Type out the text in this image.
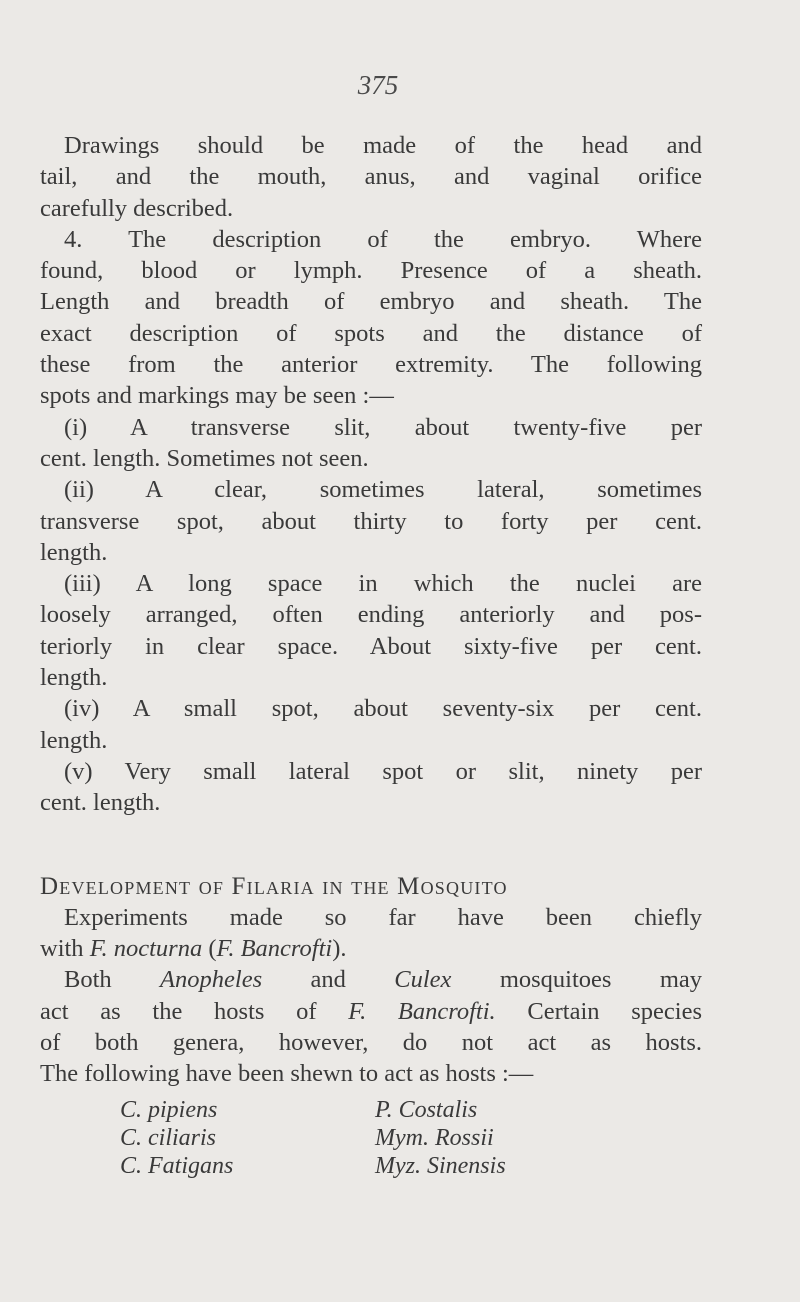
375
Drawings should be made of the head and
tail, and the mouth, anus, and vaginal orifice
carefully described.
4. The description of the embryo. Where
found, blood or lymph. Presence of a sheath.
Length and breadth of embryo and sheath. The
exact description of spots and the distance of
these from the anterior extremity. The following
spots and markings may be seen :—
(i) A transverse slit, about twenty-five per
cent. length. Sometimes not seen.
(ii) A clear, sometimes lateral, sometimes
transverse spot, about thirty to forty per cent.
length.
(iii) A long space in which the nuclei are
loosely arranged, often ending anteriorly and pos-
teriorly in clear space. About sixty-five per cent.
length.
(iv) A small spot, about seventy-six per cent.
length.
(v) Very small lateral spot or slit, ninety per
cent. length.
Development of Filaria in the Mosquito
Experiments made so far have been chiefly
with F. nocturna (F. Bancrofti).
Both Anopheles and Culex mosquitoes may
act as the hosts of F. Bancrofti. Certain species
of both genera, however, do not act as hosts.
The following have been shewn to act as hosts :—
C. pipiens	P. Costalis
C. ciliaris	Mym. Rossii
C. Fatigans	Myz. Sinensis
